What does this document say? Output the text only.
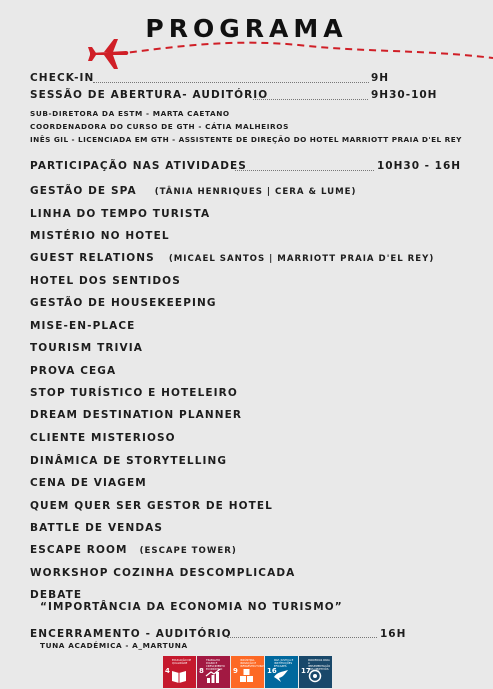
PROGRAMA
CHECK-IN	9H
SESSÃO DE ABERTURA- AUDITÓRIO	9H30-10H
SUB-DIRETORA DA ESTM - MARTA CAETANO
COORDENADORA DO CURSO DE GTH - CÁTIA MALHEIROS
INÊS GIL - LICENCIADA EM GTH - ASSISTENTE DE DIREÇÃO DO HOTEL MARRIOTT PRAIA D'EL REY
PARTICIPAÇÃO NAS ATIVIDADES	10H30 - 16H
GESTÃO DE SPA (TÂNIA HENRIQUES | CERA & LUME)
LINHA DO TEMPO TURISTA
MISTÉRIO NO HOTEL
GUEST RELATIONS (MICAEL SANTOS | MARRIOTT PRAIA D'EL REY)
HOTEL DOS SENTIDOS
GESTÃO DE HOUSEKEEPING
MISE-EN-PLACE
TOURISM TRIVIA
PROVA CEGA
STOP TURÍSTICO E HOTELEIRO
DREAM DESTINATION PLANNER
CLIENTE MISTERIOSO
DINÂMICA DE STORYTELLING
CENA DE VIAGEM
QUEM QUER SER GESTOR DE HOTEL
BATTLE DE VENDAS
ESCAPE ROOM (ESCAPE TOWER)
WORKSHOP COZINHA DESCOMPLICADA
DEBATE
“IMPORTÂNCIA DA ECONOMIA NO TURISMO”
ENCERRAMENTO - AUDITÓRIO	16H
TUNA ACADÉMICA - A_MARTUNA
4
EDUCAÇÃO DE QUALIDADE
8
TRABALHO DIGNO E CRESCIMENTO ECONÓMICO	9
INDÚSTRIA, INOVAÇÃO E INFRAESTRUTURAS
16
PAZ, JUSTIÇA E INSTITUIÇÕES EFICAZES
17
PARCERIAS PARA A IMPLEMENTAÇÃO DOS OBJETIVOS
